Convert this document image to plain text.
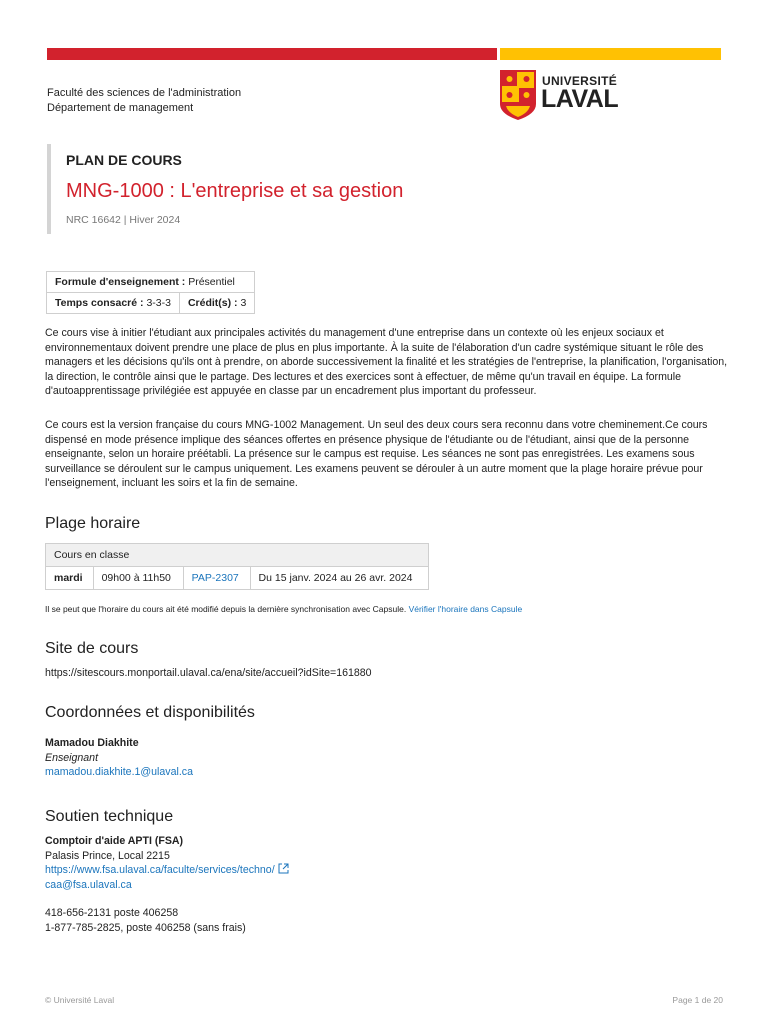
Faculté des sciences de l'administration
Département de management
UNIVERSITÉ
LAVAL
PLAN DE COURS
MNG-1000 : L'entreprise et sa gestion
NRC 16642 | Hiver 2024
Formule d'enseignement : Présentiel
Temps consacré : 3-3-3	Crédit(s) : 3
Ce cours vise à initier l'étudiant aux principales activités du management d'une entreprise dans un contexte où les enjeux sociaux et environnementaux doivent prendre une place de plus en plus importante. À la suite de l'élaboration d'un cadre systémique situant le rôle des managers et les décisions qu'ils ont à prendre, on aborde successivement la finalité et les stratégies de l'entreprise, la planification, l'organisation, la direction, le contrôle ainsi que le partage. Des lectures et des exercices sont à effectuer, de même qu'un travail en équipe. La formule d'autoapprentissage privilégiée est appuyée en classe par un encadrement plus important du professeur.
Ce cours est la version française du cours MNG-1002 Management. Un seul des deux cours sera reconnu dans votre cheminement.Ce cours dispensé en mode présence implique des séances offertes en présence physique de l'étudiante ou de l'étudiant, ainsi que de la personne enseignante, selon un horaire préétabli. La présence sur le campus est requise. Les séances ne sont pas enregistrées. Les examens sous surveillance se déroulent sur le campus uniquement. Les examens peuvent se dérouler à un autre moment que la plage horaire prévue pour l'enseignement, incluant les soirs et la fin de semaine.
Plage horaire
Cours en classe
mardi	09h00 à 11h50	PAP-2307	Du 15 janv. 2024 au 26 avr. 2024
Il se peut que l'horaire du cours ait été modifié depuis la dernière synchronisation avec Capsule. Vérifier l'horaire dans Capsule
Site de cours
https://sitescours.monportail.ulaval.ca/ena/site/accueil?idSite=161880
Coordonnées et disponibilités
Mamadou Diakhite
Enseignant
mamadou.diakhite.1@ulaval.ca
Soutien technique
Comptoir d'aide APTI (FSA)
Palasis Prince, Local 2215
https://www.fsa.ulaval.ca/faculte/services/techno/
caa@fsa.ulaval.ca
418-656-2131 poste 406258
1-877-785-2825, poste 406258 (sans frais)
© Université Laval	Page 1 de 20
